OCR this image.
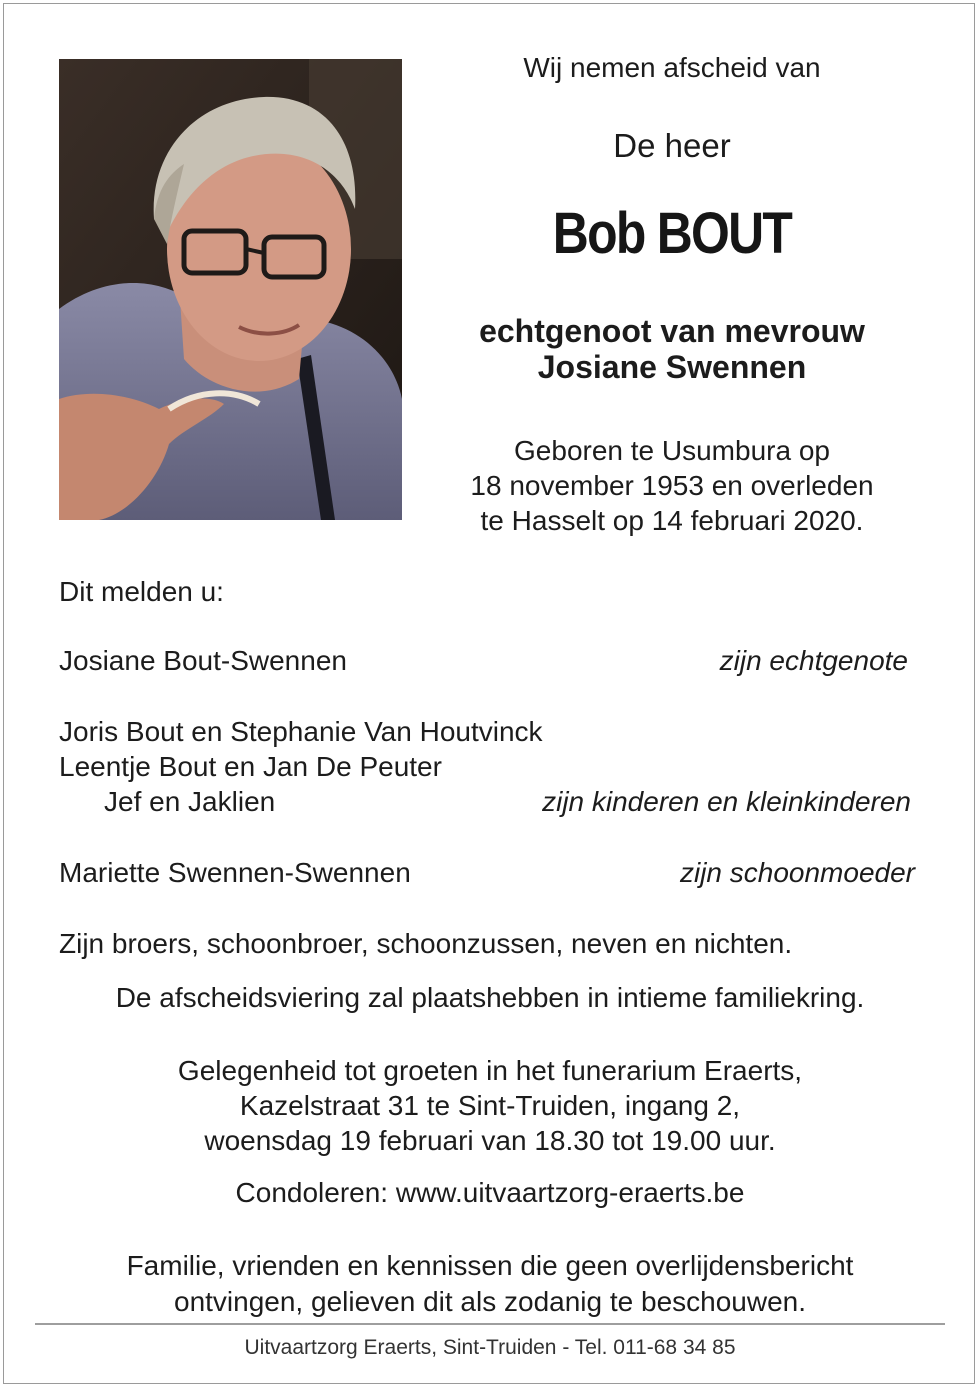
Wij nemen afscheid van
De heer
Bob BOUT
echtgenoot van mevrouw
Josiane Swennen
Geboren te Usumbura op
18 november 1953 en overleden
te Hasselt op 14 februari 2020.
Dit melden u:
Josiane Bout-Swennen	zijn echtgenote
Joris Bout en Stephanie Van Houtvinck
Leentje Bout en Jan De Peuter
Jef en Jaklien	zijn kinderen en kleinkinderen
Mariette Swennen-Swennen	zijn schoonmoeder
Zijn broers, schoonbroer, schoonzussen, neven en nichten.
De afscheidsviering zal plaatshebben in intieme familiekring.
Gelegenheid tot groeten in het funerarium Eraerts,
Kazelstraat 31 te Sint-Truiden, ingang 2,
woensdag 19 februari van 18.30 tot 19.00 uur.
Condoleren: www.uitvaartzorg-eraerts.be
Familie, vrienden en kennissen die geen overlijdensbericht
ontvingen, gelieven dit als zodanig te beschouwen.
Uitvaartzorg Eraerts, Sint-Truiden - Tel. 011-68 34 85
